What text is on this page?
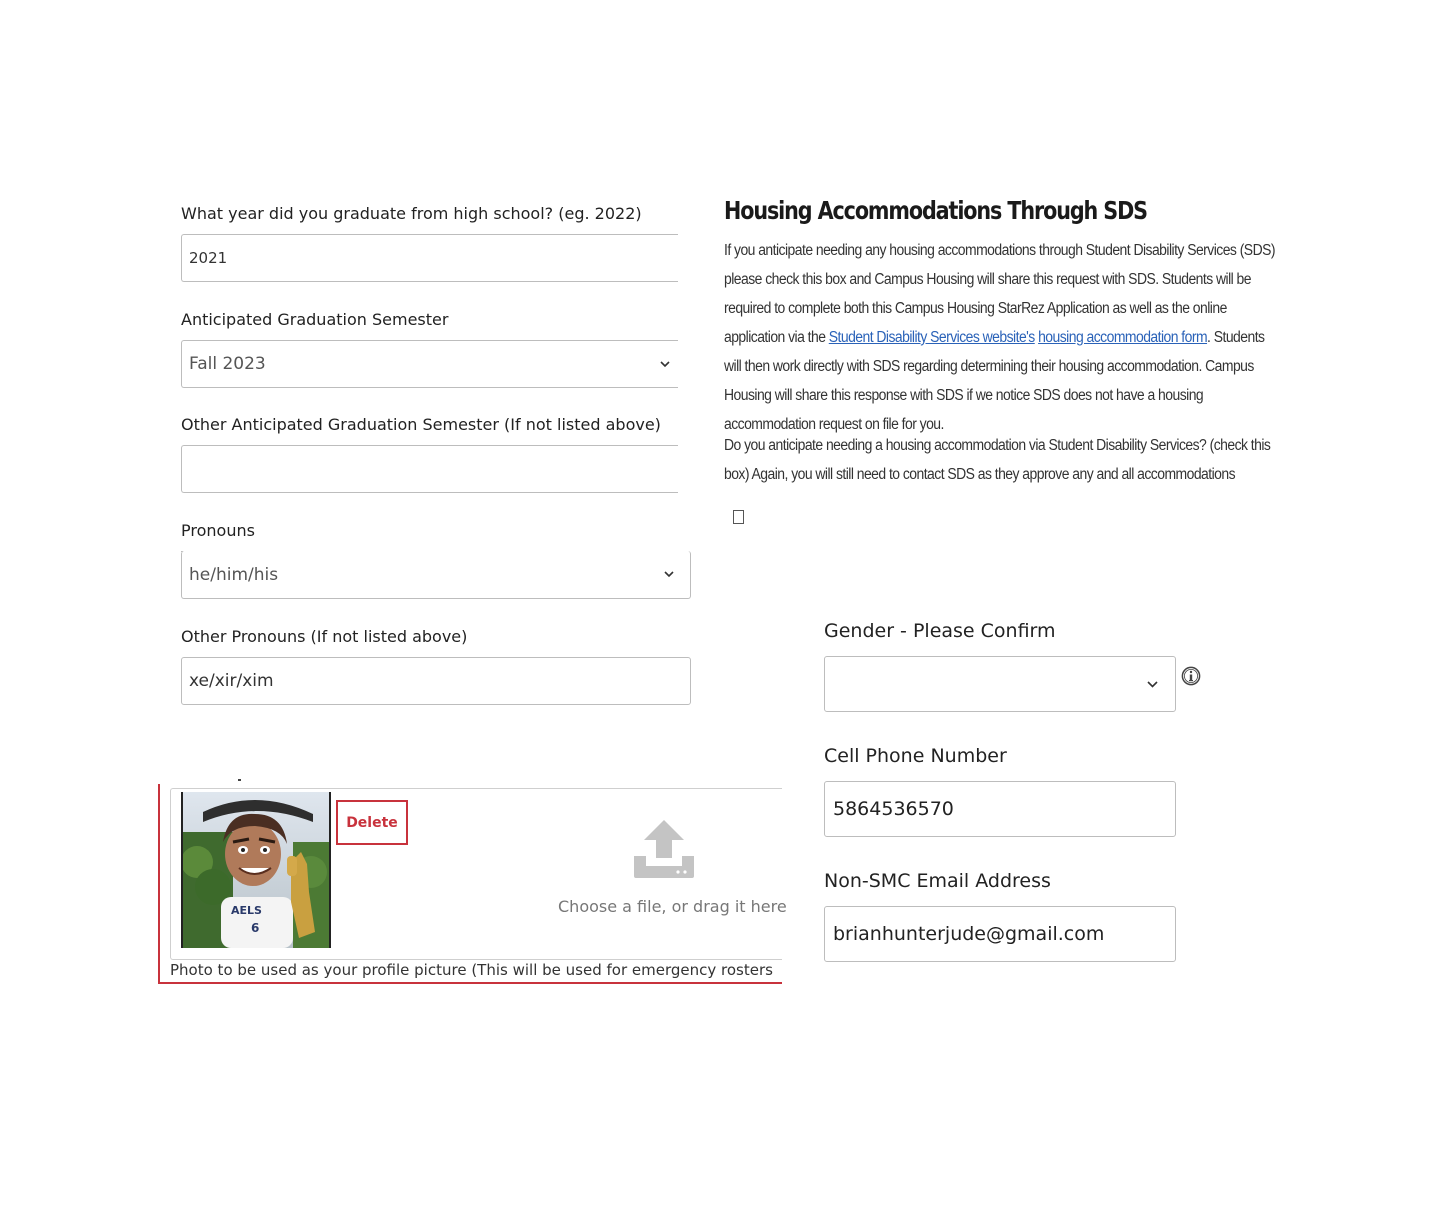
What year did you graduate from high school? (eg. 2022)
2021
Anticipated Graduation Semester
Fall 2023
Other Anticipated Graduation Semester (If not listed above)
Pronouns
he/him/his
Other Pronouns (If not listed above)
xe/xir/xim
Housing Accommodations Through SDS
If you anticipate needing any housing accommodations through Student Disability Services (SDS) please check this box and Campus Housing will share this request with SDS. Students will be required to complete both this Campus Housing StarRez Application as well as the online application via the Student Disability Services website's housing accommodation form. Students will then work directly with SDS regarding determining their housing accommodation. Campus Housing will share this response with SDS if we notice SDS does not have a housing accommodation request on file for you.
Do you anticipate needing a housing accommodation via Student Disability Services? (check this box) Again, you will still need to contact SDS as they approve any and all accommodations
Gender - Please Confirm
Cell Phone Number
5864536570
Non-SMC Email Address
brianhunterjude@gmail.com
AELS
6
Delete
Choose a file, or drag it here
Photo to be used as your profile picture (This will be used for emergency rosters
